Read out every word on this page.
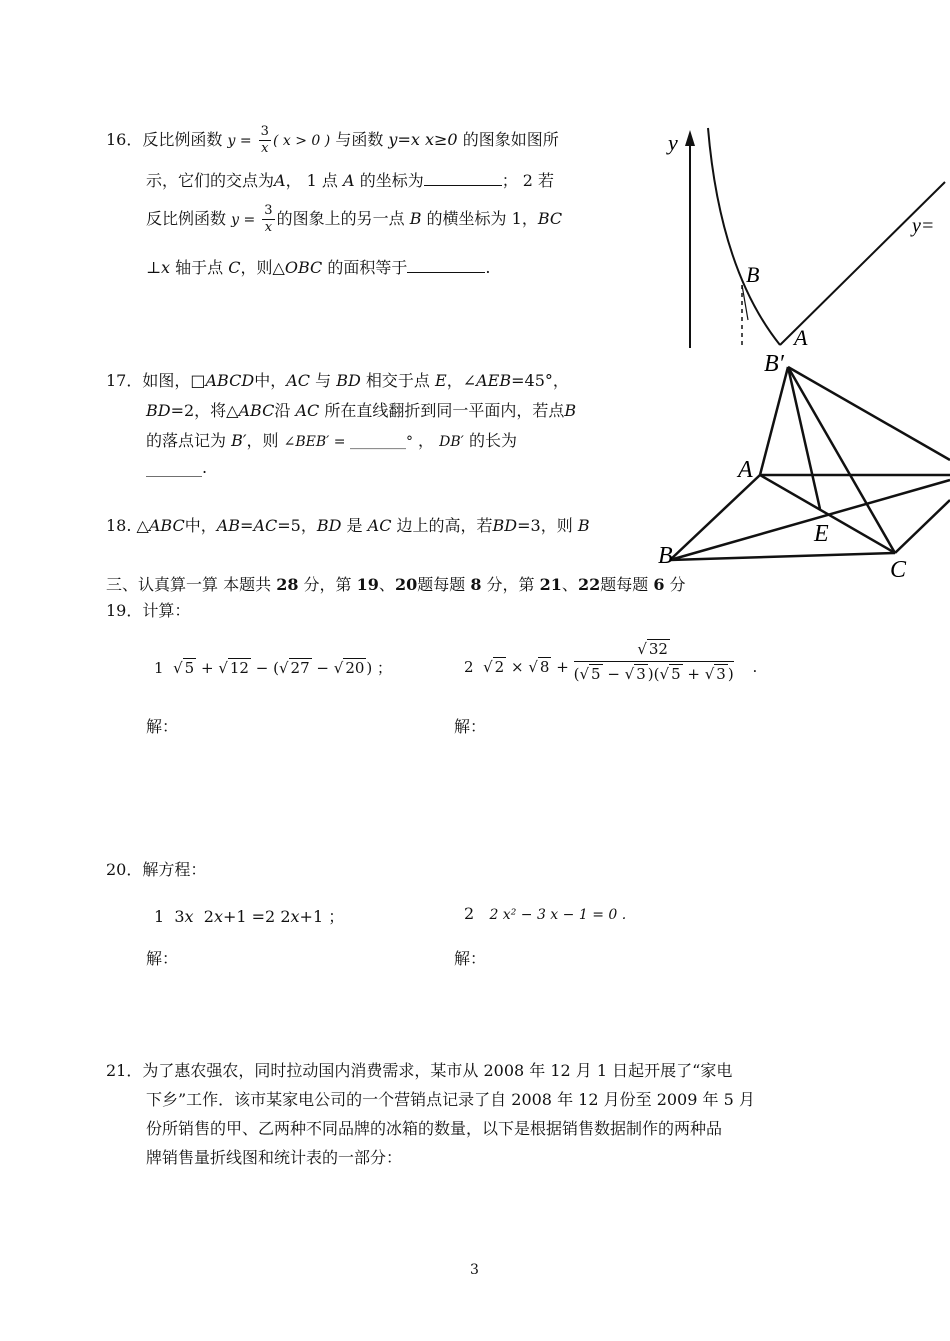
16．反比例函数 $y = \frac{3}{x}$ ( x > 0 ) 与函数 y=x x≥0 的图象如图所
示，它们的交点为A， 1 点 A 的坐标为	； 2 若
反比例函数 $y = \frac{3}{x}$ 的图象上的另一点 B 的横坐标为 1，BC
⊥x 轴于点 C，则△OBC 的面积等于	.
y
B
A
y=
17．如图，□ABCD中，AC 与 BD 相交于点 E，∠AEB=45°，
BD=2，将△ABC沿 AC 所在直线翻折到同一平面内，若点B
的落点记为 B′，则 ∠BEB′ = ________° ， DB′ 的长为
_______.
B′
A
E
B
C
18. △ABC中，AB=AC=5，BD 是 AC 边上的高，若BD=3，则 B
三、认真算一算 本题共 28 分，第 19、20题每题 8 分，第 21、22题每题 6 分
19．计算：
1  √ 5 + √ 12 − (√ 27 − √ 20 ) ；	2 √ 2 × √ $8 + \frac{√ 32}{(√ 5 - √ 3 )(√ 5 + √ 3 )}$ .
解：	解：
20．解方程：
1 3x 2x+1 =2 2x+1 ；	2 2 x² − 3 x − 1 = 0 .
解：	解：
21．为了惠农强农，同时拉动国内消费需求，某市从 2008 年 12 月 1 日起开展了“家电
下乡”工作．该市某家电公司的一个营销点记录了自 2008 年 12 月份至 2009 年 5 月
份所销售的甲、乙两种不同品牌的冰箱的数量，以下是根据销售数据制作的两种品
牌销售量折线图和统计表的一部分：
3
